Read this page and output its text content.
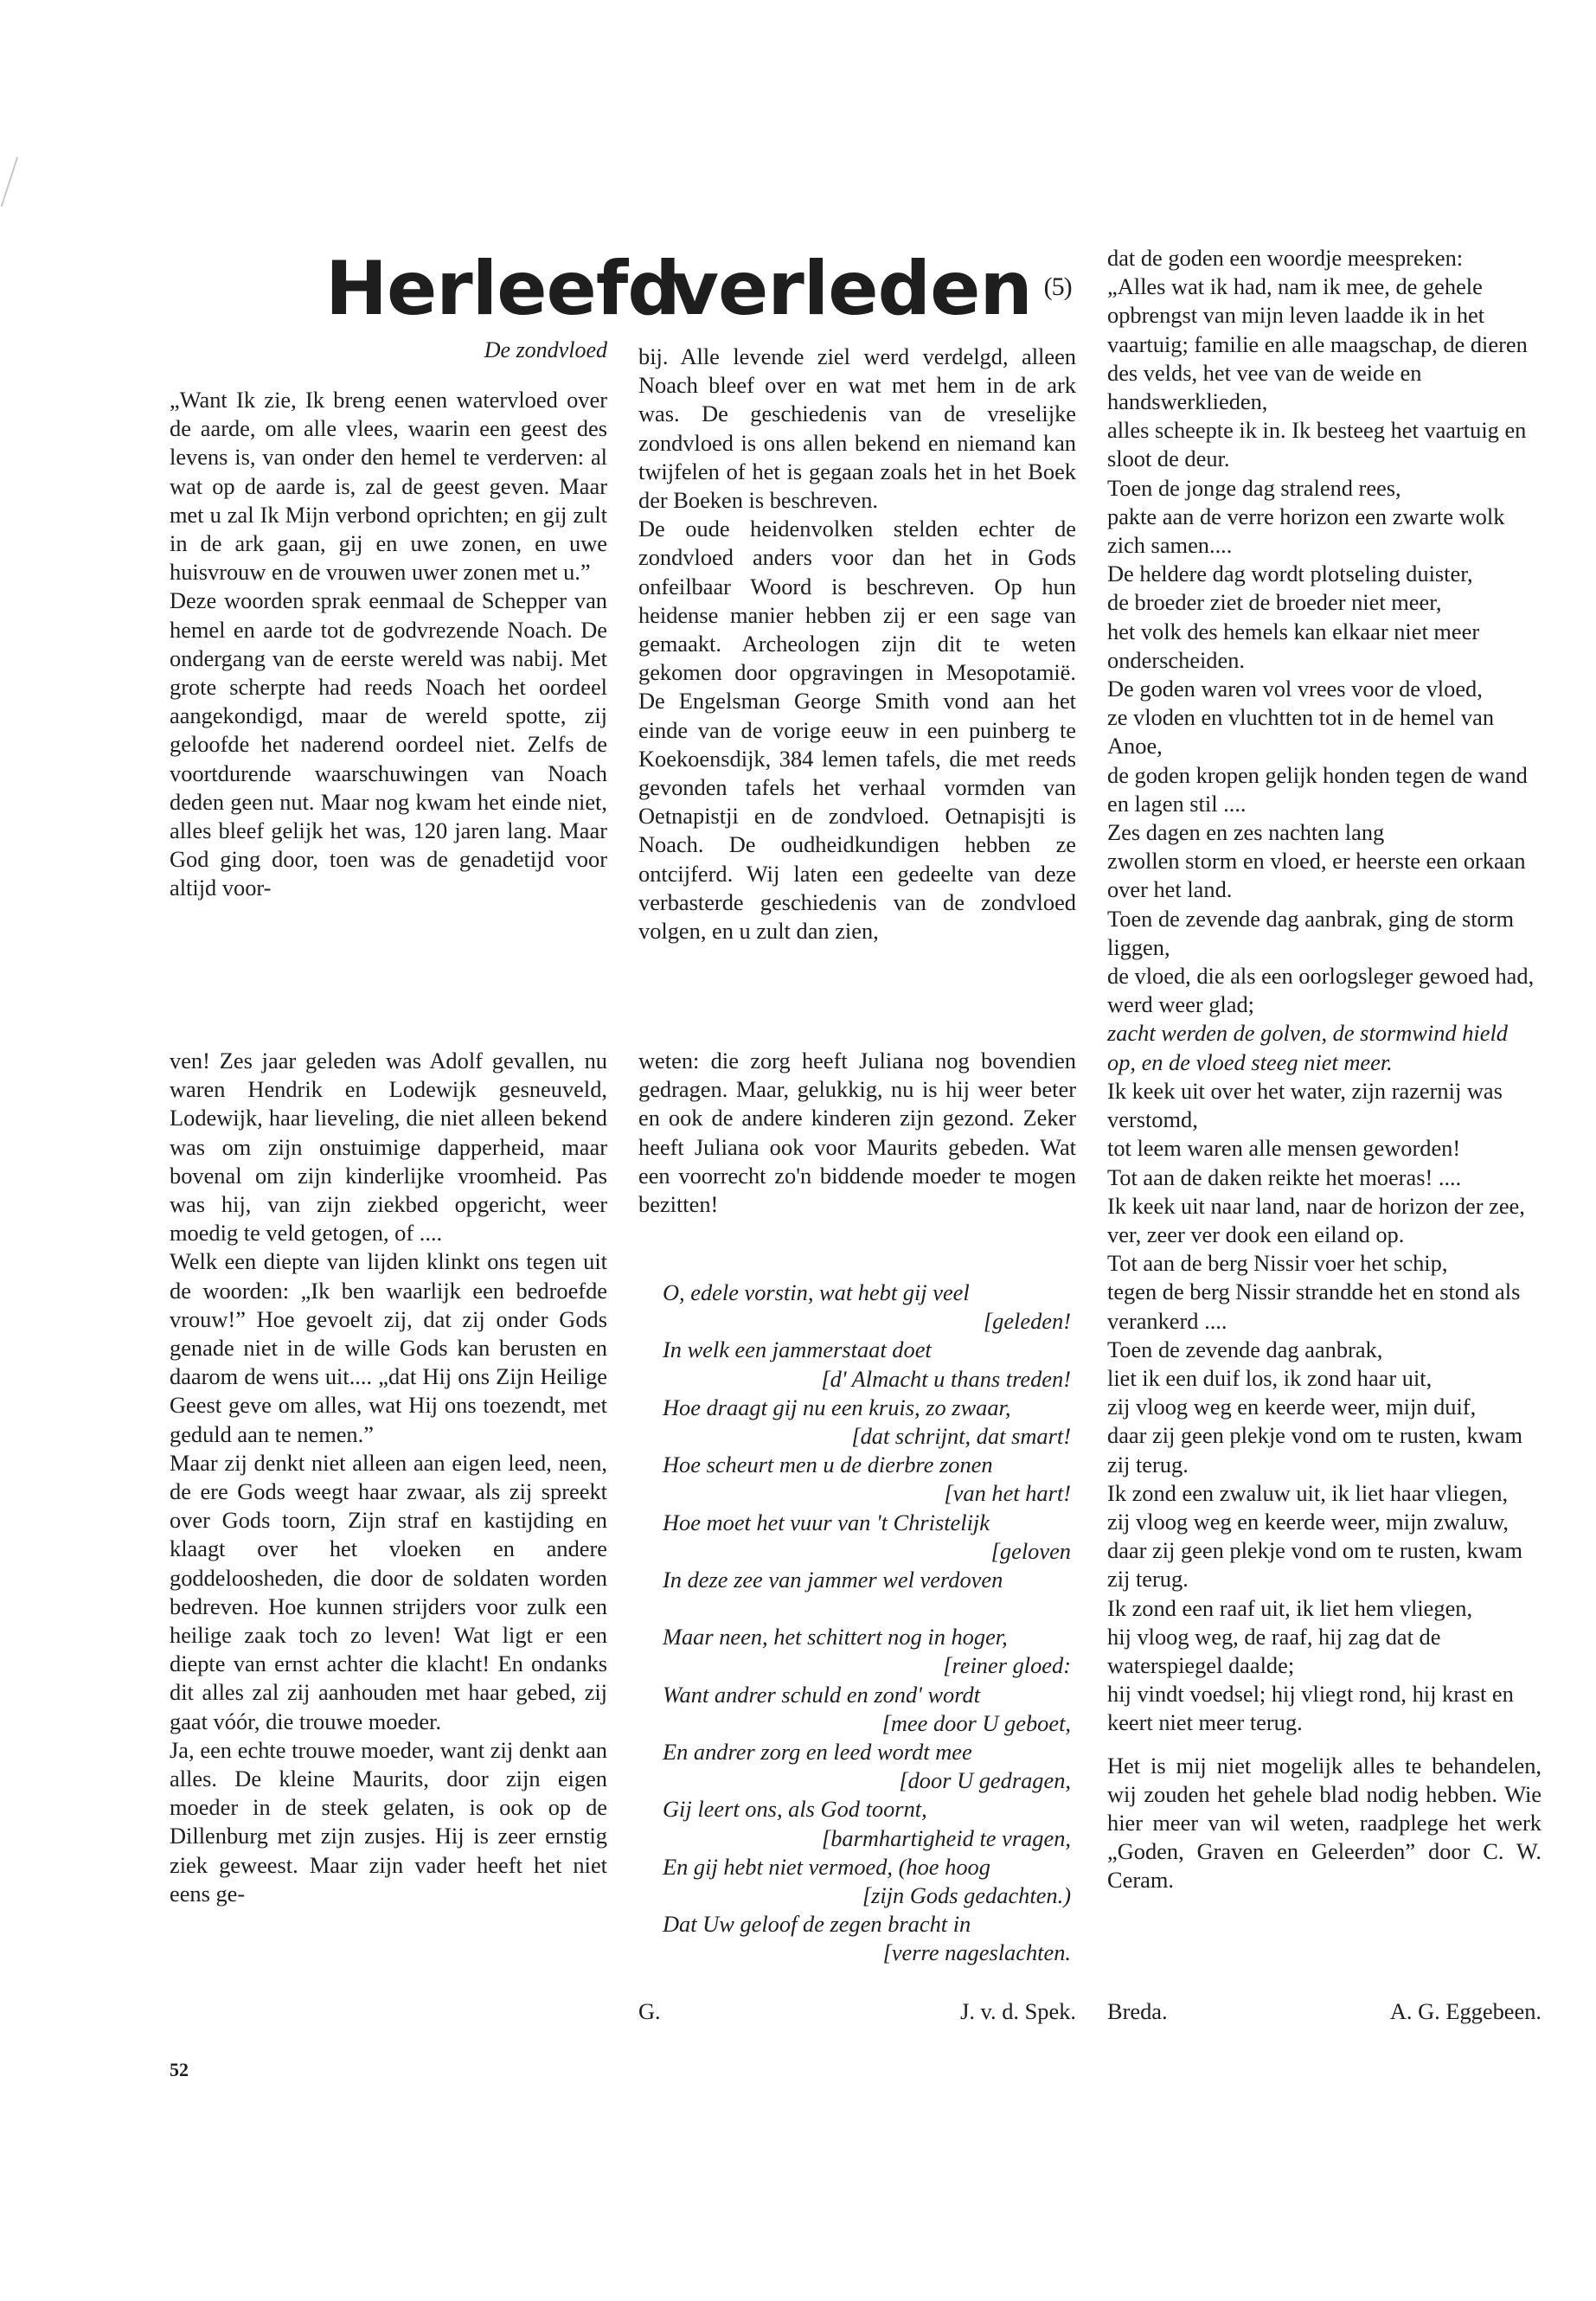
Herleefd verleden $^{(5)}$
De zondvloed

„Want Ik zie, Ik breng eenen watervloed over de aarde, om alle vlees, waarin een geest des levens is, van onder den hemel te verderven: al wat op de aarde is, zal de geest geven. Maar met u zal Ik Mijn verbond oprichten; en gij zult in de ark gaan, gij en uwe zonen, en uwe huisvrouw en de vrouwen uwer zonen met u.”

Deze woorden sprak eenmaal de Schepper van hemel en aarde tot de godvrezende Noach. De ondergang van de eerste wereld was nabij. Met grote scherpte had reeds Noach het oordeel aangekondigd, maar de wereld spotte, zij geloofde het naderend oordeel niet. Zelfs de voortdurende waarschuwingen van Noach deden geen nut. Maar nog kwam het einde niet, alles bleef gelijk het was, 120 jaren lang. Maar God ging door, toen was de genadetijd voor altijd voor-

bij. Alle levende ziel werd verdelgd, alleen Noach bleef over en wat met hem in de ark was. De geschiedenis van de vreselijke zondvloed is ons allen bekend en niemand kan twijfelen of het is gegaan zoals het in het Boek der Boeken is beschreven.

De oude heidenvolken stelden echter de zondvloed anders voor dan het in Gods onfeilbaar Woord is beschreven. Op hun heidense manier hebben zij er een sage van gemaakt. Archeologen zijn dit te weten gekomen door opgravingen in Mesopotamië. De Engelsman George Smith vond aan het einde van de vorige eeuw in een puinberg te Koekoensdijk, 384 lemen tafels, die met reeds gevonden tafels het verhaal vormden van Oetnapistji en de zondvloed. Oetnapisjti is Noach. De oudheidkundigen hebben ze ontcijferd. Wij laten een gedeelte van deze verbasterde geschiedenis van de zondvloed volgen, en u zult dan zien,

dat de goden een woordje meespreken:

„Alles wat ik had, nam ik mee, de gehele opbrengst van mijn leven laadde ik in het vaartuig; familie en alle maagschap, de dieren des velds, het vee van de weide en handswerklieden,

alles scheepte ik in. Ik besteeg het vaartuig en sloot de deur.

Toen de jonge dag stralend rees,

pakte aan de verre horizon een zwarte wolk zich samen....

De heldere dag wordt plotseling duister,

de broeder ziet de broeder niet meer,

het volk des hemels kan elkaar niet meer onderscheiden.

De goden waren vol vrees voor de vloed,

ze vloden en vluchtten tot in de hemel van Anoe,

de goden kropen gelijk honden tegen de wand en lagen stil ....

Zes dagen en zes nachten lang

zwollen storm en vloed, er heerste een orkaan over het land.

Toen de zevende dag aanbrak, ging de storm liggen,

de vloed, die als een oorlogsleger gewoed had, werd weer glad;

zacht werden de golven, de stormwind hield op, en de vloed steeg niet meer.

Ik keek uit over het water, zijn razernij was verstomd,

tot leem waren alle mensen geworden!

Tot aan de daken reikte het moeras! ....

Ik keek uit naar land, naar de horizon der zee,

ver, zeer ver dook een eiland op.

Tot aan de berg Nissir voer het schip,

tegen de berg Nissir strandde het en stond als verankerd ....

Toen de zevende dag aanbrak,

liet ik een duif los, ik zond haar uit,

zij vloog weg en keerde weer, mijn duif,

daar zij geen plekje vond om te rusten, kwam zij terug.

Ik zond een zwaluw uit, ik liet haar vliegen,

zij vloog weg en keerde weer, mijn zwaluw,

daar zij geen plekje vond om te rusten, kwam zij terug.

Ik zond een raaf uit, ik liet hem vliegen,

hij vloog weg, de raaf, hij zag dat de waterspiegel daalde;

hij vindt voedsel; hij vliegt rond, hij krast en keert niet meer terug.

Het is mij niet mogelijk alles te behandelen, wij zouden het gehele blad nodig hebben. Wie hier meer van wil weten, raadplege het werk „Goden, Graven en Geleerden” door C. W. Ceram.

Breda.	A. G. Eggebeen.

ven! Zes jaar geleden was Adolf gevallen, nu waren Hendrik en Lodewijk gesneuveld, Lodewijk, haar lieveling, die niet alleen bekend was om zijn onstuimige dapperheid, maar bovenal om zijn kinderlijke vroomheid. Pas was hij, van zijn ziekbed opgericht, weer moedig te veld getogen, of ....

Welk een diepte van lijden klinkt ons tegen uit de woorden: „Ik ben waarlijk een bedroefde vrouw!” Hoe gevoelt zij, dat zij onder Gods genade niet in de wille Gods kan berusten en daarom de wens uit.... „dat Hij ons Zijn Heilige Geest geve om alles, wat Hij ons toezendt, met geduld aan te nemen.”

Maar zij denkt niet alleen aan eigen leed, neen, de ere Gods weegt haar zwaar, als zij spreekt over Gods toorn, Zijn straf en kastijding en klaagt over het vloeken en andere goddeloosheden, die door de soldaten worden bedreven. Hoe kunnen strijders voor zulk een heilige zaak toch zo leven! Wat ligt er een diepte van ernst achter die klacht! En ondanks dit alles zal zij aanhouden met haar gebed, zij gaat vóór, die trouwe moeder.

Ja, een echte trouwe moeder, want zij denkt aan alles. De kleine Maurits, door zijn eigen moeder in de steek gelaten, is ook op de Dillenburg met zijn zusjes. Hij is zeer ernstig ziek geweest. Maar zijn vader heeft het niet eens ge-

weten: die zorg heeft Juliana nog bovendien gedragen. Maar, gelukkig, nu is hij weer beter en ook de andere kinderen zijn gezond. Zeker heeft Juliana ook voor Maurits gebeden. Wat een voorrecht zo'n biddende moeder te mogen bezitten!

O, edele vorstin, wat hebt gij veel
[geleden!
In welk een jammerstaat doet
[d' Almacht u thans treden!
Hoe draagt gij nu een kruis, zo zwaar,
[dat schrijnt, dat smart!
Hoe scheurt men u de dierbre zonen
[van het hart!
Hoe moet het vuur van 't Christelijk
[geloven
In deze zee van jammer wel verdoven
Maar neen, het schittert nog in hoger,
[reiner gloed:
Want andrer schuld en zond' wordt
[mee door U geboet,
En andrer zorg en leed wordt mee
[door U gedragen,
Gij leert ons, als God toornt,
[barmhartigheid te vragen,
En gij hebt niet vermoed, (hoe hoog
[zijn Gods gedachten.)
Dat Uw geloof de zegen bracht in
[verre nageslachten.
G.	J. v. d. Spek.
52
